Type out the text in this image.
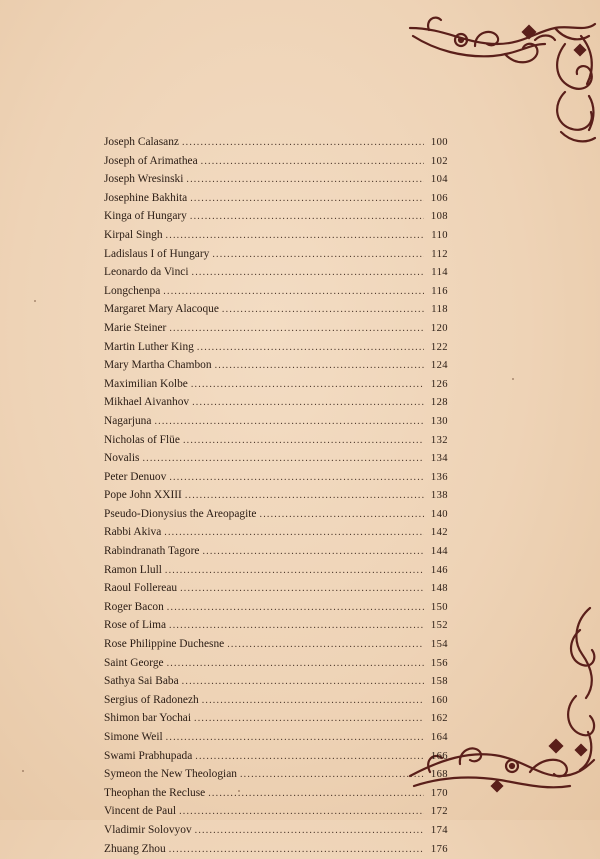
Joseph Calasanz .....	100
Joseph of Arimathea .....	102
Joseph Wresinski .....	104
Josephine Bakhita .....	106
Kinga of Hungary .....	108
Kirpal Singh .....	110
Ladislaus I of Hungary .....	112
Leonardo da Vinci .....	114
Longchenpa .....	116
Margaret Mary Alacoque .....	118
Marie Steiner .....	120
Martin Luther King .....	122
Mary Martha Chambon .....	124
Maximilian Kolbe .....	126
Mikhael Aivanhov .....	128
Nagarjuna .....	130
Nicholas of Flüe .....	132
Novalis .....	134
Peter Denuov .....	136
Pope John XXIII .....	138
Pseudo-Dionysius the Areopagite .....	140
Rabbi Akiva .....	142
Rabindranath Tagore .....	144
Ramon Llull .....	146
Raoul Follereau .....	148
Roger Bacon .....	150
Rose of Lima .....	152
Rose Philippine Duchesne .....	154
Saint George .....	156
Sathya Sai Baba .....	158
Sergius of Radonezh .....	160
Shimon bar Yochai .....	162
Simone Weil .....	164
Swami Prabhupada .....	166
Symeon the New Theologian .....	168
Theophan the Recluse .....	170
Vincent de Paul .....	172
Vladimir Solovyov .....	174
Zhuang Zhou .....	176
